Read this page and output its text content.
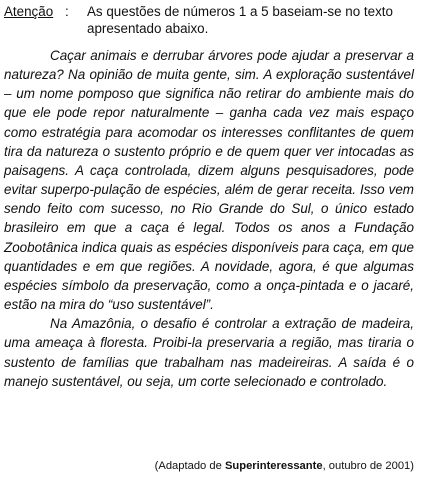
Atenção : As questões de números 1 a 5 baseiam-se no texto apresentado abaixo.

Caçar animais e derrubar árvores pode ajudar a preservar a natureza? Na opinião de muita gente, sim. A exploração sustentável – um nome pomposo que significa não retirar do ambiente mais do que ele pode repor naturalmente – ganha cada vez mais espaço como estratégia para acomodar os interesses conflitantes de quem tira da natureza o sustento próprio e de quem quer ver intocadas as paisagens. A caça controlada, dizem alguns pesquisadores, pode evitar superpo-pulação de espécies, além de gerar receita. Isso vem sendo feito com sucesso, no Rio Grande do Sul, o único estado brasileiro em que a caça é legal. Todos os anos a Fundação Zoobotânica indica quais as espécies disponíveis para caça, em que quantidades e em que regiões. A novidade, agora, é que algumas espécies símbolo da preservação, como a onça-pintada e o jacaré, estão na mira do “uso sustentável”.

Na Amazônia, o desafio é controlar a extração de madeira, uma ameaça à floresta. Proibi-la preservaria a região, mas tiraria o sustento de famílias que trabalham nas madeireiras. A saída é o manejo sustentável, ou seja, um corte selecionado e controlado.

(Adaptado de Superinteressante, outubro de 2001)
